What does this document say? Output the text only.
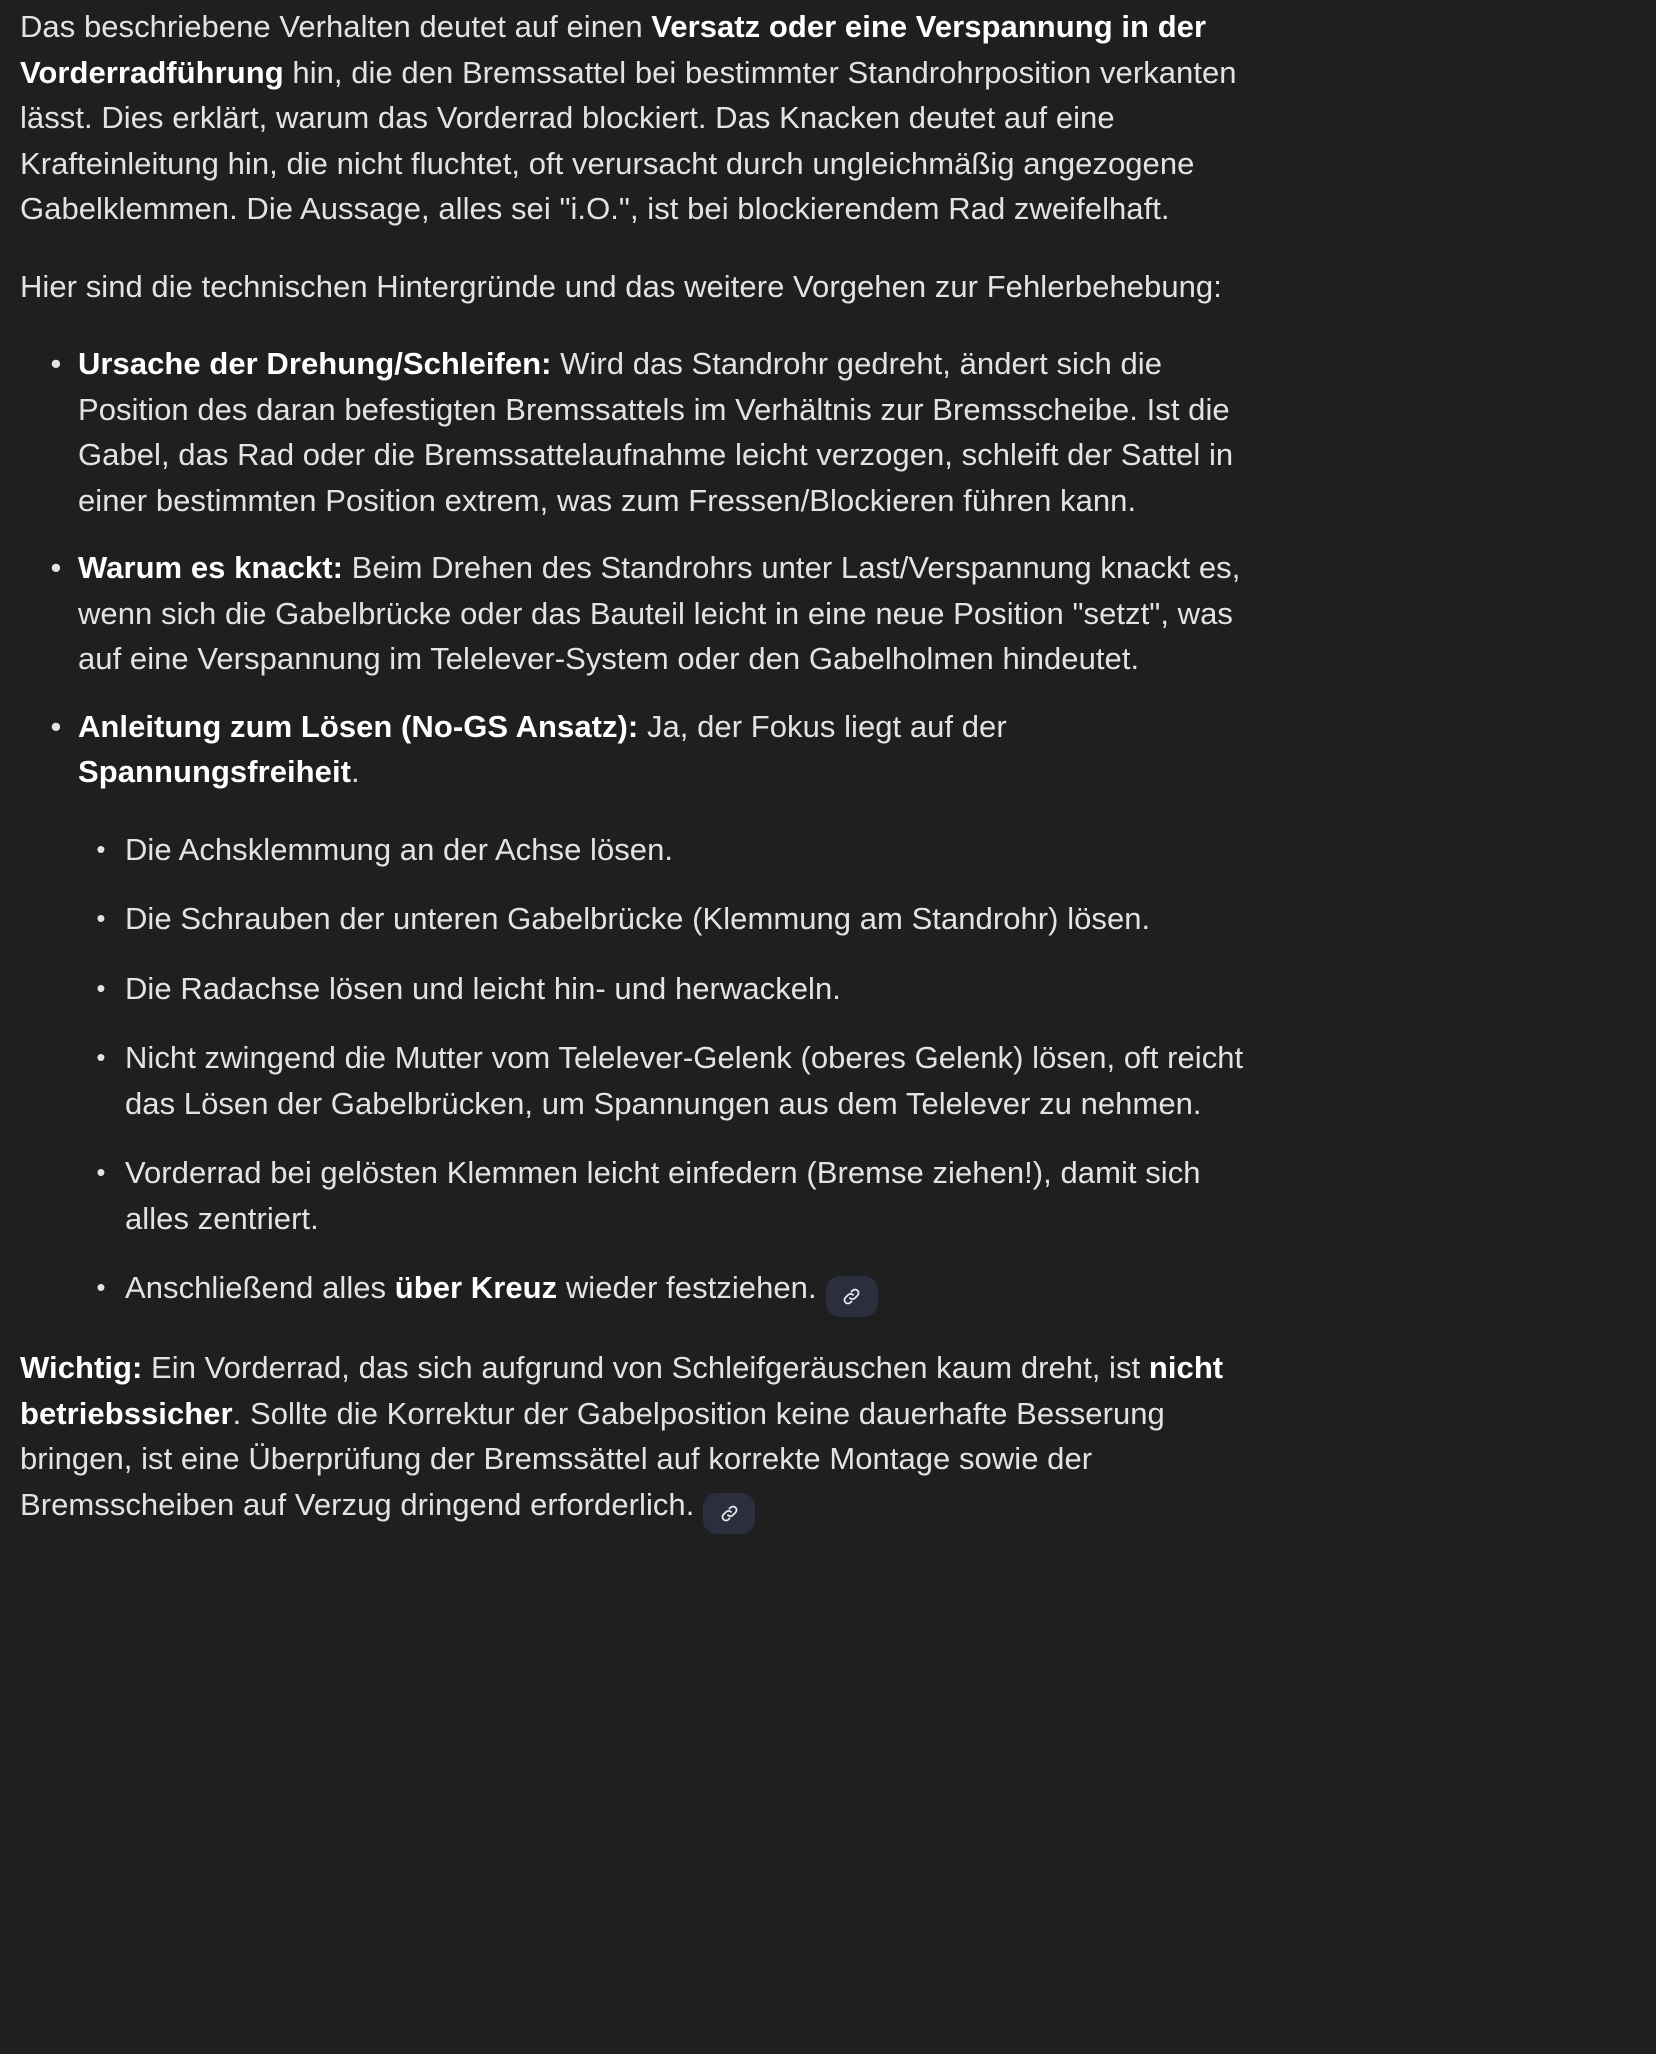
Das beschriebene Verhalten deutet auf einen Versatz oder eine Verspannung in der Vorderradführung hin, die den Bremssattel bei bestimmter Standrohrposition verkanten lässt. Dies erklärt, warum das Vorderrad blockiert. Das Knacken deutet auf eine Krafteinleitung hin, die nicht fluchtet, oft verursacht durch ungleichmäßig angezogene Gabelklemmen. Die Aussage, alles sei "i.O.", ist bei blockierendem Rad zweifelhaft.

Hier sind die technischen Hintergründe und das weitere Vorgehen zur Fehlerbehebung:

• Ursache der Drehung/Schleifen: Wird das Standrohr gedreht, ändert sich die Position des daran befestigten Bremssattels im Verhältnis zur Bremsscheibe. Ist die Gabel, das Rad oder die Bremssattelaufnahme leicht verzogen, schleift der Sattel in einer bestimmten Position extrem, was zum Fressen/Blockieren führen kann.
• Warum es knackt: Beim Drehen des Standrohrs unter Last/Verspannung knackt es, wenn sich die Gabelbrücke oder das Bauteil leicht in eine neue Position "setzt", was auf eine Verspannung im Telelever-System oder den Gabelholmen hindeutet.
• Anleitung zum Lösen (No-GS Ansatz): Ja, der Fokus liegt auf der Spannungsfreiheit.
• Die Achsklemmung an der Achse lösen.
• Die Schrauben der unteren Gabelbrücke (Klemmung am Standrohr) lösen.
• Die Radachse lösen und leicht hin- und herwackeln.
• Nicht zwingend die Mutter vom Telelever-Gelenk (oberes Gelenk) lösen, oft reicht das Lösen der Gabelbrücken, um Spannungen aus dem Telelever zu nehmen.
• Vorderrad bei gelösten Klemmen leicht einfedern (Bremse ziehen!), damit sich alles zentriert.
• Anschließend alles über Kreuz wieder festziehen.

Wichtig: Ein Vorderrad, das sich aufgrund von Schleifgeräuschen kaum dreht, ist nicht betriebssicher. Sollte die Korrektur der Gabelposition keine dauerhafte Besserung bringen, ist eine Überprüfung der Bremssättel auf korrekte Montage sowie der Bremsscheiben auf Verzug dringend erforderlich.
